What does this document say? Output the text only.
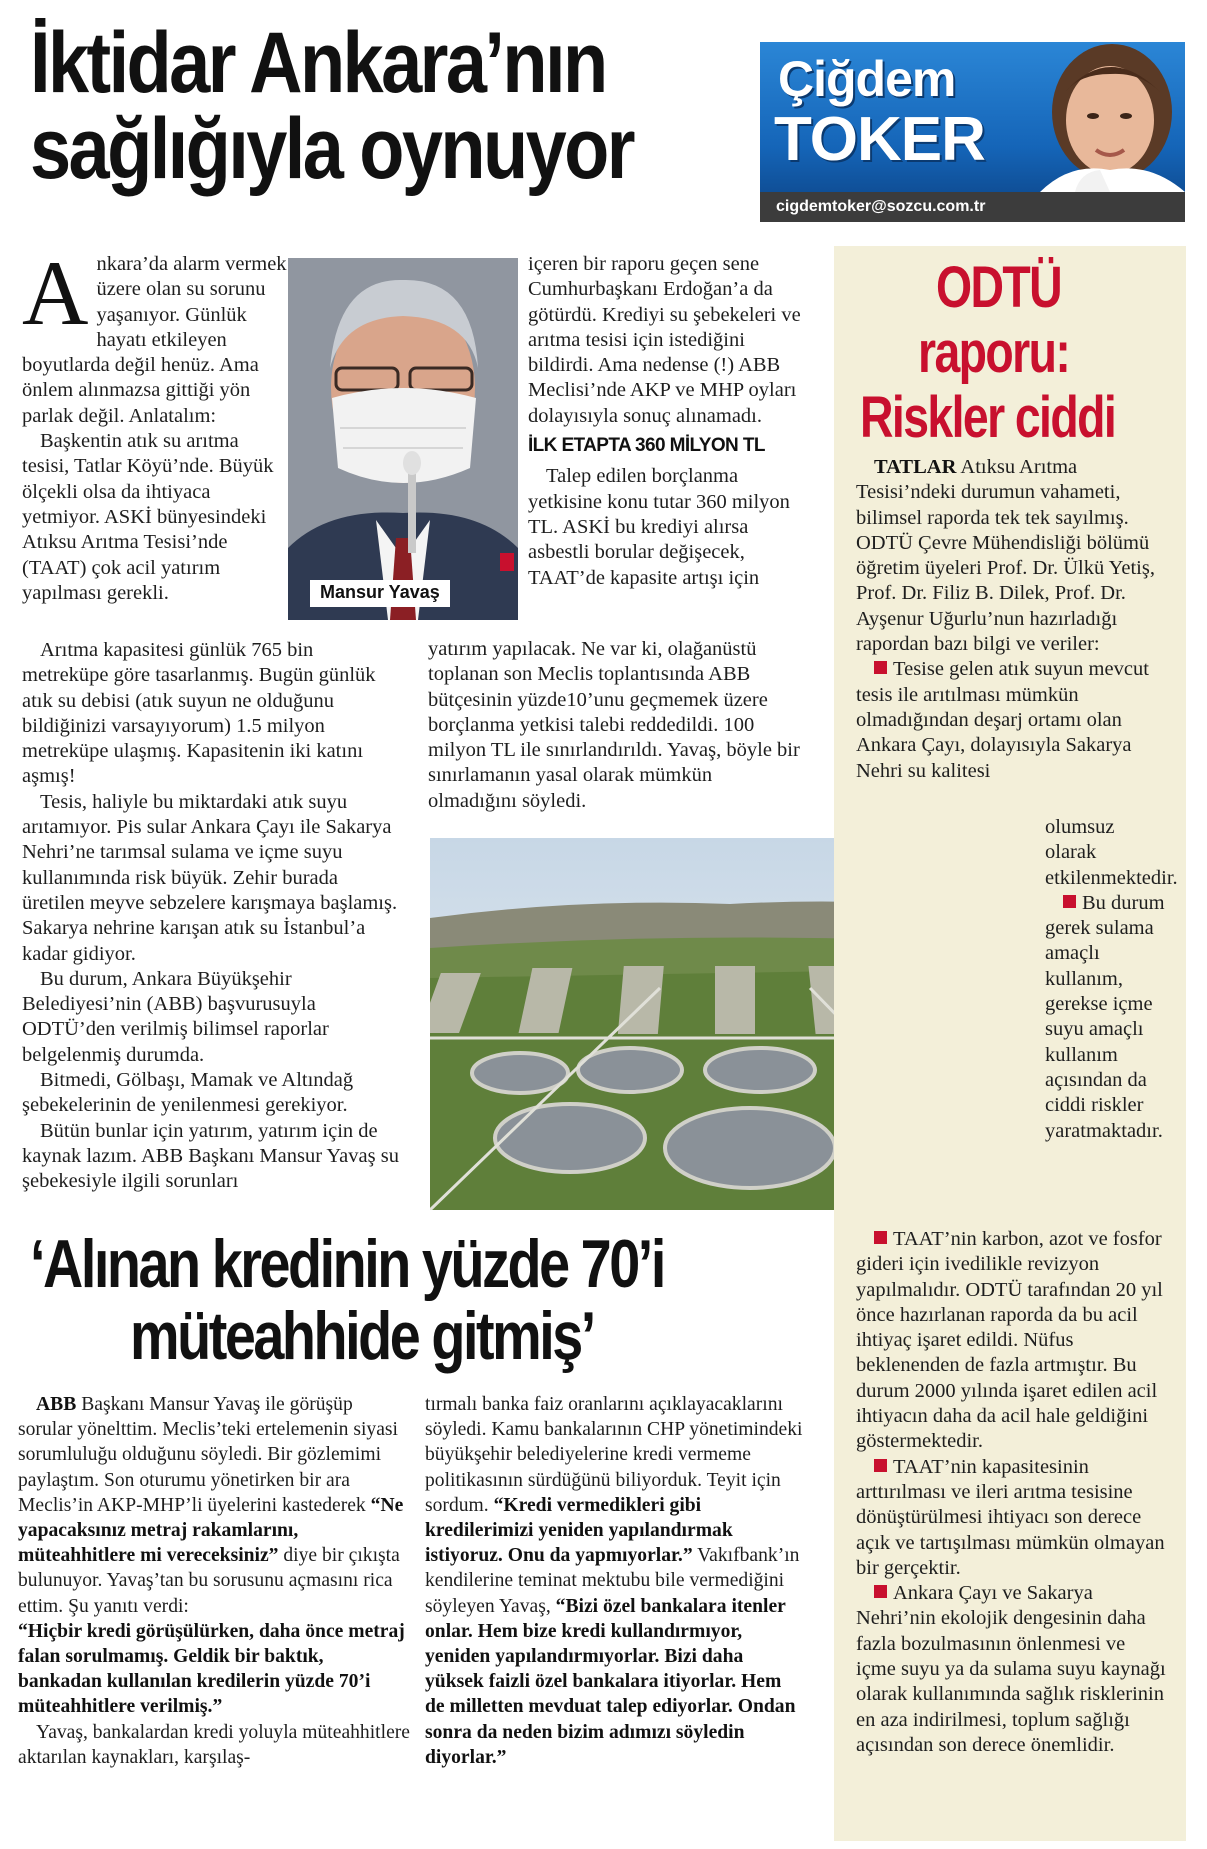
İktidar Ankara’nın
sağlığıyla oynuyor
Çiğdem
TOKER
cigdemtoker@sozcu.com.tr

Ankara’da alarm vermek üzere olan su sorunu yaşanıyor. Günlük hayatı etkileyen boyutlarda değil henüz. Ama önlem alınmazsa gittiği yön parlak değil. Anlatalım:

Başkentin atık su arıtma tesisi, Tatlar Köyü’nde. Büyük ölçekli olsa da ihtiyaca yetmiyor. ASKİ bünyesindeki Atıksu Arıtma Tesisi’nde (TAAT) çok acil yatırım yapılması gerekli.

Arıtma kapasitesi günlük 765 bin metreküpe göre tasarlanmış. Bugün günlük atık su debisi (atık suyun ne olduğunu bildiğinizi varsayıyorum) 1.5 milyon metreküpe ulaşmış. Kapasitenin iki katını aşmış!

Tesis, haliyle bu miktardaki atık suyu arıtamıyor. Pis sular Ankara Çayı ile Sakarya Nehri’ne tarımsal sulama ve içme suyu kullanımında risk büyük. Zehir burada üretilen meyve sebzelere karışmaya başlamış. Sakarya nehrine karışan atık su İstanbul’a kadar gidiyor.

Bu durum, Ankara Büyükşehir Belediyesi’nin (ABB) başvurusuyla ODTÜ’den verilmiş bilimsel raporlar belgelenmiş durumda.

Bitmedi, Gölbaşı, Mamak ve Altındağ şebekelerinin de yenilenmesi gerekiyor.

Bütün bunlar için yatırım, yatırım için de kaynak lazım. ABB Başkanı Mansur Yavaş su şebekesiyle ilgili sorunları

Mansur Yavaş

içeren bir raporu geçen sene Cumhurbaşkanı Erdoğan’a da götürdü. Krediyi su şebekeleri ve arıtma tesisi için istediğini bildirdi. Ama nedense (!) ABB Meclisi’nde AKP ve MHP oyları dolayısıyla sonuç alınamadı.

İLK ETAPTA 360 MİLYON TL

Talep edilen borçlanma yetkisine konu tutar 360 milyon TL. ASKİ bu krediyi alırsa asbestli borular değişecek, TAAT’de kapasite artışı için

yatırım yapılacak. Ne var ki, olağanüstü toplanan son Meclis toplantısında ABB bütçesinin yüzde10’unu geçmemek üzere borçlanma yetkisi talebi reddedildi. 100 milyon TL ile sınırlandırıldı. Yavaş, böyle bir sınırlamanın yasal olarak mümkün olmadığını söyledi.

ODTÜ
raporu:
Riskler ciddi

TATLAR Atıksu Arıtma Tesisi’ndeki durumun vahameti, bilimsel raporda tek tek sayılmış. ODTÜ Çevre Mühendisliği bölümü öğretim üyeleri Prof. Dr. Ülkü Yetiş, Prof. Dr. Filiz B. Dilek, Prof. Dr. Ayşenur Uğurlu’nun hazırladığı rapordan bazı bilgi ve veriler:

Tesise gelen atık suyun mevcut tesis ile arıtılması mümkün olmadığından deşarj ortamı olan Ankara Çayı, dolayısıyla Sakarya Nehri su kalitesi

olumsuz olarak etkilenmektedir.

Bu durum gerek sulama amaçlı kullanım, gerekse içme suyu amaçlı kullanım açısından da ciddi riskler yaratmaktadır.

TAAT’nin karbon, azot ve fosfor gideri için ivedilikle revizyon yapılmalıdır. ODTÜ tarafından 20 yıl önce hazırlanan raporda da bu acil ihtiyaç işaret edildi. Nüfus beklenenden de fazla artmıştır. Bu durum 2000 yılında işaret edilen acil ihtiyacın daha da acil hale geldiğini göstermektedir.

TAAT’nin kapasitesinin arttırılması ve ileri arıtma tesisine dönüştürülmesi ihtiyacı son derece açık ve tartışılması mümkün olmayan bir gerçektir.

Ankara Çayı ve Sakarya Nehri’nin ekolojik dengesinin daha fazla bozulmasının önlenmesi ve içme suyu ya da sulama suyu kaynağı olarak kullanımında sağlık risklerinin en aza indirilmesi, toplum sağlığı açısından son derece önemlidir.

‘Alınan kredinin yüzde 70’i
müteahhide gitmiş’

ABB Başkanı Mansur Yavaş ile görüşüp sorular yönelttim. Meclis’teki ertelemenin siyasi sorumluluğu olduğunu söyledi. Bir gözlemimi paylaştım. Son oturumu yönetirken bir ara Meclis’in AKP-MHP’li üyelerini kastederek “Ne yapacaksınız metraj rakamlarını, müteahhitlere mi vereceksiniz” diye bir çıkışta bulunuyor. Yavaş’tan bu sorusunu açmasını rica ettim. Şu yanıtı verdi:

“Hiçbir kredi görüşülürken, daha önce metraj falan sorulmamış. Geldik bir baktık, bankadan kullanılan kredilerin yüzde 70’i müteahhitlere verilmiş.”

Yavaş, bankalardan kredi yoluyla müteahhitlere aktarılan kaynakları, karşılaş-

tırmalı banka faiz oranlarını açıklayacaklarını söyledi. Kamu bankalarının CHP yönetimindeki büyükşehir belediyelerine kredi vermeme politikasının sürdüğünü biliyorduk. Teyit için sordum. “Kredi vermedikleri gibi kredilerimizi yeniden yapılandırmak istiyoruz. Onu da yapmıyorlar.” Vakıfbank’ın kendilerine teminat mektubu bile vermediğini söyleyen Yavaş, “Bizi özel bankalara itenler onlar. Hem bize kredi kullandırmıyor, yeniden yapılandırmıyorlar. Bizi daha yüksek faizli özel bankalara itiyorlar. Hem de milletten mevduat talep ediyorlar. Ondan sonra da neden bizim adımızı söyledin diyorlar.”
